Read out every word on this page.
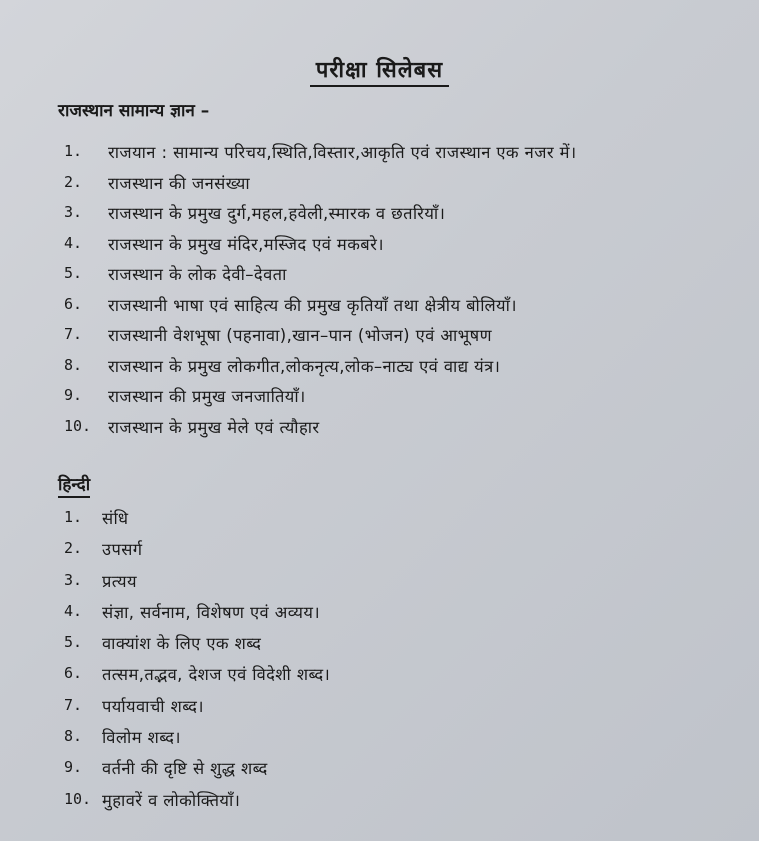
परीक्षा सिलेबस
राजस्थान सामान्य ज्ञान –
1.	राजयान : सामान्य परिचय,स्थिति,विस्तार,आकृति एवं राजस्थान एक नजर में।
2.	राजस्थान की जनसंख्या
3.	राजस्थान के प्रमुख दुर्ग,महल,हवेली,स्मारक व छतरियाँ।
4.	राजस्थान के प्रमुख मंदिर,मस्जिद एवं मकबरे।
5.	राजस्थान के लोक देवी–देवता
6.	राजस्थानी भाषा एवं साहित्य की प्रमुख कृतियाँ तथा क्षेत्रीय बोलियाँ।
7.	राजस्थानी वेशभूषा (पहनावा),खान–पान (भोजन) एवं आभूषण
8.	राजस्थान के प्रमुख लोकगीत,लोकनृत्य,लोक–नाट्य एवं वाद्य यंत्र।
9.	राजस्थान की प्रमुख जनजातियाँ।
10.	राजस्थान के प्रमुख मेले एवं त्यौहार
हिन्दी
1.	संधि
2.	उपसर्ग
3.	प्रत्यय
4.	संज्ञा, सर्वनाम, विशेषण एवं अव्यय।
5.	वाक्यांश के लिए एक शब्द
6.	तत्सम,तद्भव, देशज एवं विदेशी शब्द।
7.	पर्यायवाची शब्द।
8.	विलोम शब्द।
9.	वर्तनी की दृष्टि से शुद्ध शब्द
10. मुहावरें व लोकोक्तियाँ।
